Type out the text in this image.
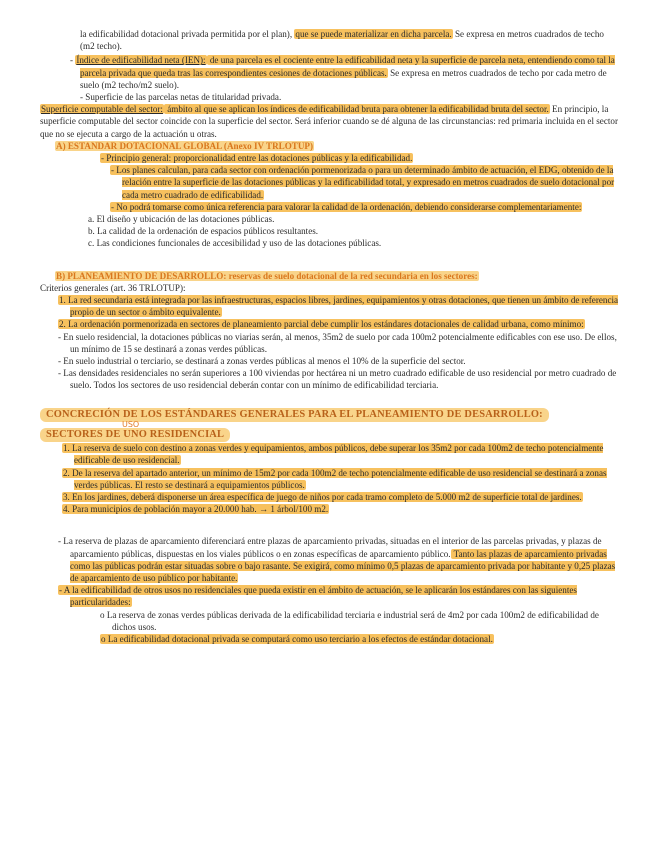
la edificabilidad dotacional privada permitida por el plan), que se puede materializar en dicha parcela. Se expresa en metros cuadrados de techo (m2 techo).

- Índice de edificabilidad neta (IEN): de una parcela es el cociente entre la edificabilidad neta y la superficie de parcela neta, entendiendo como tal la parcela privada que queda tras las correspondientes cesiones de dotaciones públicas. Se expresa en metros cuadrados de techo por cada metro de suelo (m2 techo/m2 suelo).

- Superficie de las parcelas netas de titularidad privada.

Superficie computable del sector: ámbito al que se aplican los índices de edificabilidad bruta para obtener la edificabilidad bruta del sector. En principio, la superficie computable del sector coincide con la superficie del sector. Será inferior cuando se dé alguna de las circunstancias: red primaria incluida en el sector que no se ejecuta a cargo de la actuación u otras.

A) ESTANDAR DOTACIONAL GLOBAL (Anexo IV TRLOTUP)

- Principio general: proporcionalidad entre las dotaciones públicas y la edificabilidad.

- Los planes calculan, para cada sector con ordenación pormenorizada o para un determinado ámbito de actuación, el EDG, obtenido de la relación entre la superficie de las dotaciones públicas y la edificabilidad total, y expresado en metros cuadrados de suelo dotacional por cada metro cuadrado de edificabilidad.

- No podrá tomarse como única referencia para valorar la calidad de la ordenación, debiendo considerarse complementariamente:

a. El diseño y ubicación de las dotaciones públicas.

b. La calidad de la ordenación de espacios públicos resultantes.

c. Las condiciones funcionales de accesibilidad y uso de las dotaciones públicas.

B) PLANEAMIENTO DE DESARROLLO: reservas de suelo dotacional de la red secundaria en los sectores:

Criterios generales (art. 36 TRLOTUP):

1. La red secundaria está integrada por las infraestructuras, espacios libres, jardines, equipamientos y otras dotaciones, que tienen un ámbito de referencia propio de un sector o ámbito equivalente.

2. La ordenación pormenorizada en sectores de planeamiento parcial debe cumplir los estándares dotacionales de calidad urbana, como mínimo:

- En suelo residencial, la dotaciones públicas no viarias serán, al menos, 35m2 de suelo por cada 100m2 potencialmente edificables con ese uso. De ellos, un mínimo de 15 se destinará a zonas verdes públicas.

- En suelo industrial o terciario, se destinará a zonas verdes públicas al menos el 10% de la superficie del sector.

- Las densidades residenciales no serán superiores a 100 viviendas por hectárea ni un metro cuadrado edificable de uso residencial por metro cuadrado de suelo. Todos los sectores de uso residencial deberán contar con un mínimo de edificabilidad terciaria.

CONCRECIÓN DE LOS ESTÁNDARES GENERALES PARA EL PLANEAMIENTO DE DESARROLLO:

USO

SECTORES DE UNO RESIDENCIAL

1. La reserva de suelo con destino a zonas verdes y equipamientos, ambos públicos, debe superar los 35m2 por cada 100m2 de techo potencialmente edificable de uso residencial.

2. De la reserva del apartado anterior, un mínimo de 15m2 por cada 100m2 de techo potencialmente edificable de uso residencial se destinará a zonas verdes públicas. El resto se destinará a equipamientos públicos.

3. En los jardines, deberá disponerse un área específica de juego de niños por cada tramo completo de 5.000 m2 de superficie total de jardines.

4. Para municipios de población mayor a 20.000 hab. → 1 árbol/100 m2.

- La reserva de plazas de aparcamiento diferenciará entre plazas de aparcamiento privadas, situadas en el interior de las parcelas privadas, y plazas de aparcamiento públicas, dispuestas en los viales públicos o en zonas específicas de aparcamiento público. Tanto las plazas de aparcamiento privadas como las públicas podrán estar situadas sobre o bajo rasante. Se exigirá, como mínimo 0,5 plazas de aparcamiento privada por habitante y 0,25 plazas de aparcamiento de uso público por habitante.

- A la edificabilidad de otros usos no residenciales que pueda existir en el ámbito de actuación, se le aplicarán los estándares con las siguientes particularidades:

o La reserva de zonas verdes públicas derivada de la edificabilidad terciaria e industrial será de 4m2 por cada 100m2 de edificabilidad de dichos usos.

o La edificabilidad dotacional privada se computará como uso terciario a los efectos de estándar dotacional.
